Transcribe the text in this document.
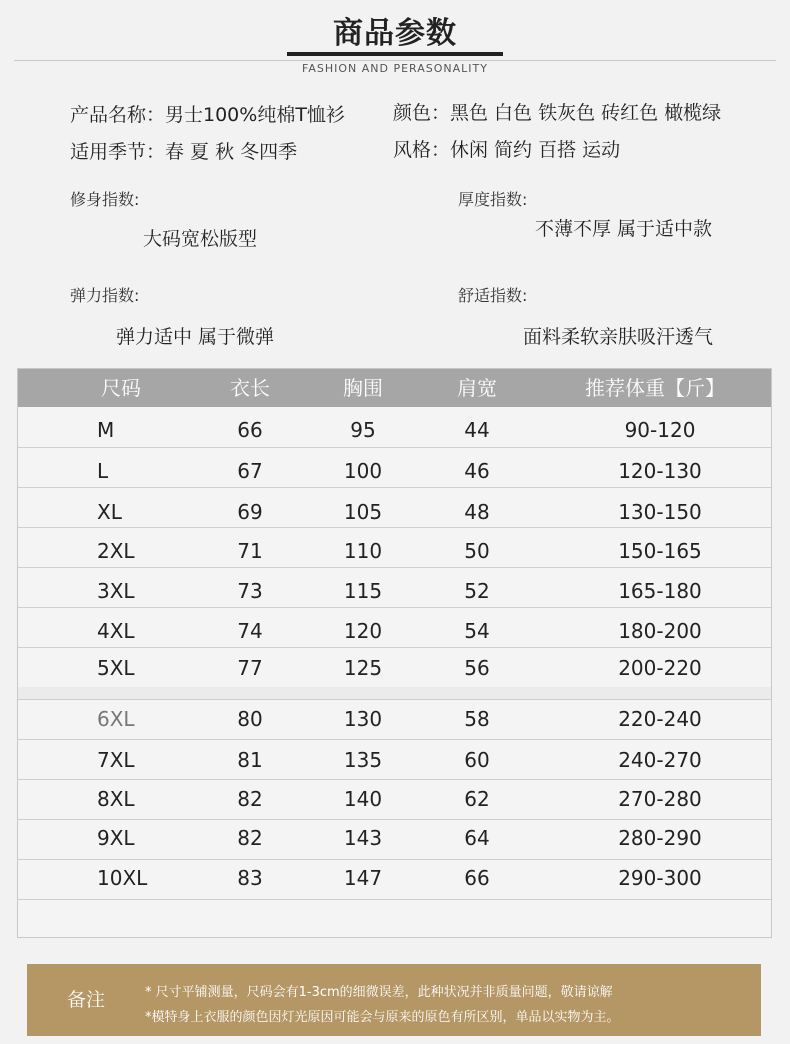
商品参数
FASHION AND PERASONALITY
产品名称：男士100%纯棉T恤衫
适用季节：春 夏 秋 冬四季
颜色：黑色 白色 铁灰色 砖红色 橄榄绿
风格：休闲 简约 百搭 运动
修身指数:
大码宽松版型
厚度指数:
不薄不厚 属于适中款
弹力指数:
弹力适中 属于微弹
舒适指数:
面料柔软亲肤吸汗透气
尺码	衣长	胸围	肩宽	推荐体重【斤】
M	66	95	44	90-120
L	67	100	46	120-130
XL	69	105	48	130-150
2XL	71	110	50	150-165
3XL	73	115	52	165-180
4XL	74	120	54	180-200
5XL	77	125	56	200-220
6XL	80	130	58	220-240
7XL	81	135	60	240-270
8XL	82	140	62	270-280
9XL	82	143	64	280-290
10XL	83	147	66	290-300
备注	* 尺寸平铺测量，尺码会有1-3cm的细微误差，此种状况并非质量问题，敬请谅解
*模特身上衣服的颜色因灯光原因可能会与原来的原色有所区别，单品以实物为主。
